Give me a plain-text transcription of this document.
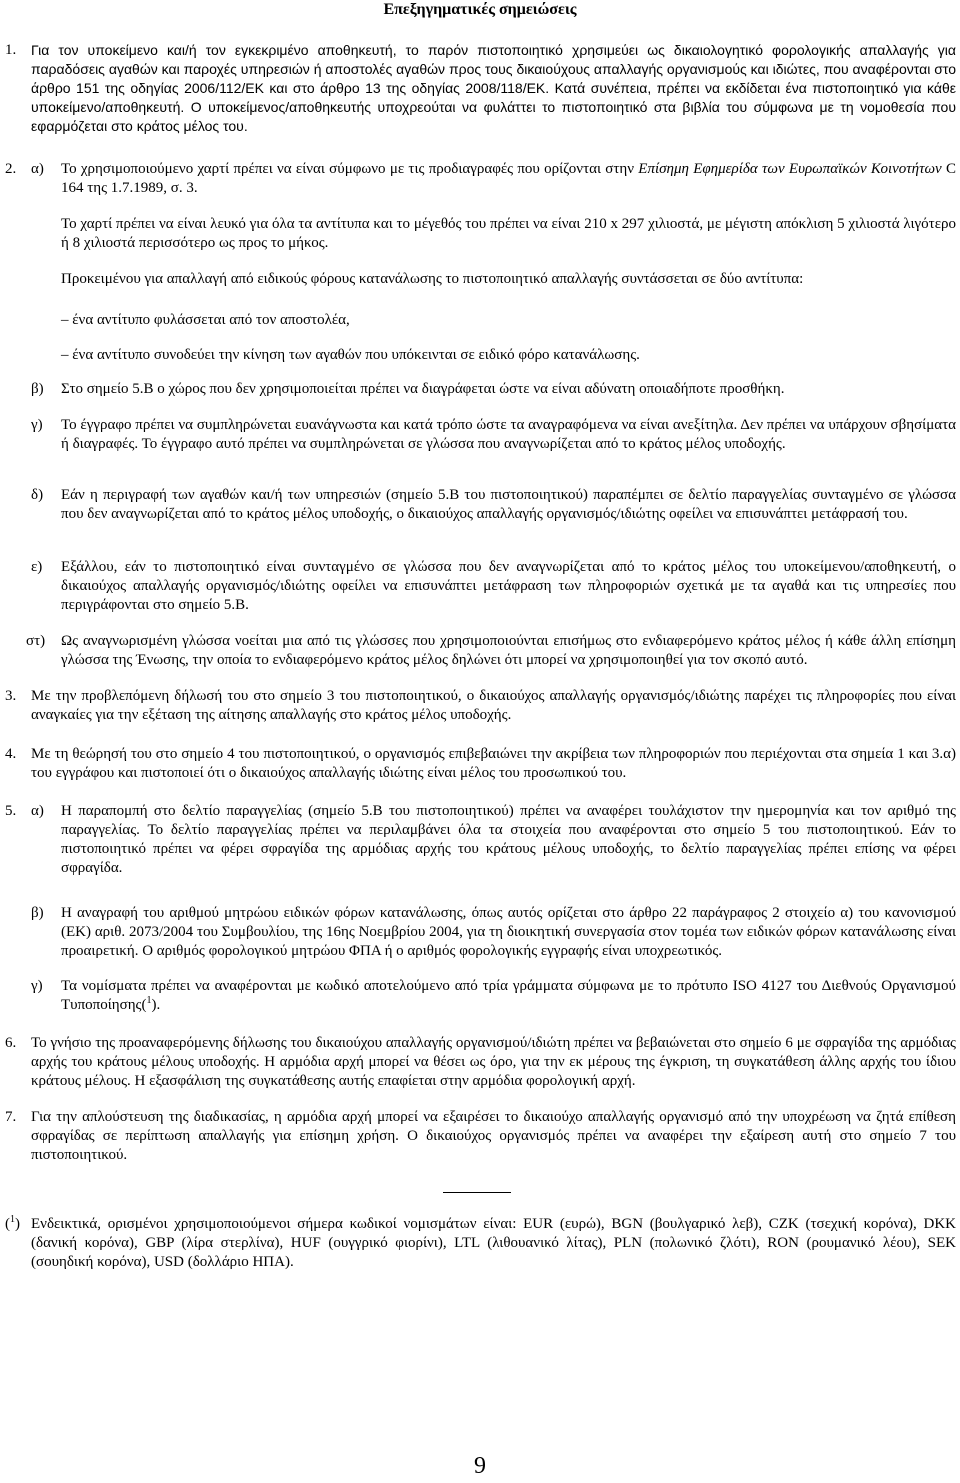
Επεξηγηματικές σημειώσεις
1. Για τον υποκείμενο και/ή τον εγκεκριμένο αποθηκευτή, το παρόν πιστοποιητικό χρησιμεύει ως δικαιολογητικό φορολογικής απαλλαγής για παραδόσεις αγαθών και παροχές υπηρεσιών ή αποστολές αγαθών προς τους δικαιούχους απαλλαγής οργανισμούς και ιδιώτες, που αναφέρονται στο άρθρο 151 της οδηγίας 2006/112/ΕΚ και στο άρθρο 13 της οδηγίας 2008/118/ΕΚ. Κατά συνέπεια, πρέπει να εκδίδεται ένα πιστοποιητικό για κάθε υποκείμενο/αποθηκευτή. Ο υποκείμενος/αποθηκευτής υποχρεούται να φυλάττει το πιστοποιητικό στα βιβλία του σύμφωνα με τη νομοθεσία που εφαρμόζεται στο κράτος μέλος του.
2. α) Το χρησιμοποιούμενο χαρτί πρέπει να είναι σύμφωνο με τις προδιαγραφές που ορίζονται στην Επίσημη Εφημερίδα των Ευρωπαϊκών Κοινοτήτων C 164 της 1.7.1989, σ. 3.
Το χαρτί πρέπει να είναι λευκό για όλα τα αντίτυπα και το μέγεθός του πρέπει να είναι 210 x 297 χιλιοστά, με μέγιστη απόκλιση 5 χιλιοστά λιγότερο ή 8 χιλιοστά περισσότερο ως προς το μήκος.
Προκειμένου για απαλλαγή από ειδικούς φόρους κατανάλωσης το πιστοποιητικό απαλλαγής συντάσσεται σε δύο αντίτυπα:
– ένα αντίτυπο φυλάσσεται από τον αποστολέα,
– ένα αντίτυπο συνοδεύει την κίνηση των αγαθών που υπόκεινται σε ειδικό φόρο κατανάλωσης.
β) Στο σημείο 5.Β ο χώρος που δεν χρησιμοποιείται πρέπει να διαγράφεται ώστε να είναι αδύνατη οποιαδήποτε προσθήκη.
γ) Το έγγραφο πρέπει να συμπληρώνεται ευανάγνωστα και κατά τρόπο ώστε τα αναγραφόμενα να είναι ανεξίτηλα. Δεν πρέπει να υπάρχουν σβησίματα ή διαγραφές. Το έγγραφο αυτό πρέπει να συμπληρώνεται σε γλώσσα που αναγνωρίζεται από το κράτος μέλος υποδοχής.
δ) Εάν η περιγραφή των αγαθών και/ή των υπηρεσιών (σημείο 5.Β του πιστοποιητικού) παραπέμπει σε δελτίο παραγγελίας συνταγμένο σε γλώσσα που δεν αναγνωρίζεται από το κράτος μέλος υποδοχής, ο δικαιούχος απαλλαγής οργανισμός/ιδιώτης οφείλει να επισυνάπτει μετάφρασή του.
ε) Εξάλλου, εάν το πιστοποιητικό είναι συνταγμένο σε γλώσσα που δεν αναγνωρίζεται από το κράτος μέλος του υποκείμενου/αποθηκευτή, ο δικαιούχος απαλλαγής οργανισμός/ιδιώτης οφείλει να επισυνάπτει μετάφραση των πληροφοριών σχετικά με τα αγαθά και τις υπηρεσίες που περιγράφονται στο σημείο 5.Β.
στ) Ως αναγνωρισμένη γλώσσα νοείται μια από τις γλώσσες που χρησιμοποιούνται επισήμως στο ενδιαφερόμενο κράτος μέλος ή κάθε άλλη επίσημη γλώσσα της Ένωσης, την οποία το ενδιαφερόμενο κράτος μέλος δηλώνει ότι μπορεί να χρησιμοποιηθεί για τον σκοπό αυτό.
3. Με την προβλεπόμενη δήλωσή του στο σημείο 3 του πιστοποιητικού, ο δικαιούχος απαλλαγής οργανισμός/ιδιώτης παρέχει τις πληροφορίες που είναι αναγκαίες για την εξέταση της αίτησης απαλλαγής στο κράτος μέλος υποδοχής.
4. Με τη θεώρησή του στο σημείο 4 του πιστοποιητικού, ο οργανισμός επιβεβαιώνει την ακρίβεια των πληροφοριών που περιέχονται στα σημεία 1 και 3.α) του εγγράφου και πιστοποιεί ότι ο δικαιούχος απαλλαγής ιδιώτης είναι μέλος του προσωπικού του.
5. α) Η παραπομπή στο δελτίο παραγγελίας (σημείο 5.Β του πιστοποιητικού) πρέπει να αναφέρει τουλάχιστον την ημερομηνία και τον αριθμό της παραγγελίας. Το δελτίο παραγγελίας πρέπει να περιλαμβάνει όλα τα στοιχεία που αναφέρονται στο σημείο 5 του πιστοποιητικού. Εάν το πιστοποιητικό πρέπει να φέρει σφραγίδα της αρμόδιας αρχής του κράτους μέλους υποδοχής, το δελτίο παραγγελίας πρέπει επίσης να φέρει σφραγίδα.
β) Η αναγραφή του αριθμού μητρώου ειδικών φόρων κατανάλωσης, όπως αυτός ορίζεται στο άρθρο 22 παράγραφος 2 στοιχείο α) του κανονισμού (ΕΚ) αριθ. 2073/2004 του Συμβουλίου, της 16ης Νοεμβρίου 2004, για τη διοικητική συνεργασία στον τομέα των ειδικών φόρων κατανάλωσης είναι προαιρετική. Ο αριθμός φορολογικού μητρώου ΦΠΑ ή ο αριθμός φορολογικής εγγραφής είναι υποχρεωτικός.
γ) Τα νομίσματα πρέπει να αναφέρονται με κωδικό αποτελούμενο από τρία γράμματα σύμφωνα με το πρότυπο ISO 4127 του Διεθνούς Οργανισμού Τυποποίησης($^1$).
6. Το γνήσιο της προαναφερόμενης δήλωσης του δικαιούχου απαλλαγής οργανισμού/ιδιώτη πρέπει να βεβαιώνεται στο σημείο 6 με σφραγίδα της αρμόδιας αρχής του κράτους μέλους υποδοχής. Η αρμόδια αρχή μπορεί να θέσει ως όρο, για την εκ μέρους της έγκριση, τη συγκατάθεση άλλης αρχής του ίδιου κράτους μέλους. Η εξασφάλιση της συγκατάθεσης αυτής επαφίεται στην αρμόδια φορολογική αρχή.
7. Για την απλούστευση της διαδικασίας, η αρμόδια αρχή μπορεί να εξαιρέσει το δικαιούχο απαλλαγής οργανισμό από την υποχρέωση να ζητά επίθεση σφραγίδας σε περίπτωση απαλλαγής για επίσημη χρήση. Ο δικαιούχος οργανισμός πρέπει να αναφέρει την εξαίρεση αυτή στο σημείο 7 του πιστοποιητικού.
($^1$) Ενδεικτικά, ορισμένοι χρησιμοποιούμενοι σήμερα κωδικοί νομισμάτων είναι: EUR (ευρώ), BGN (βουλγαρικό λεβ), CZK (τσεχική κορόνα), DKK (δανική κορόνα), GBP (λίρα στερλίνα), HUF (ουγγρικό φιορίνι), LTL (λιθουανικό λίτας), PLN (πολωνικό ζλότι), RON (ρουμανικό λέου), SEK (σουηδική κορόνα), USD (δολλάριο ΗΠΑ).
9
